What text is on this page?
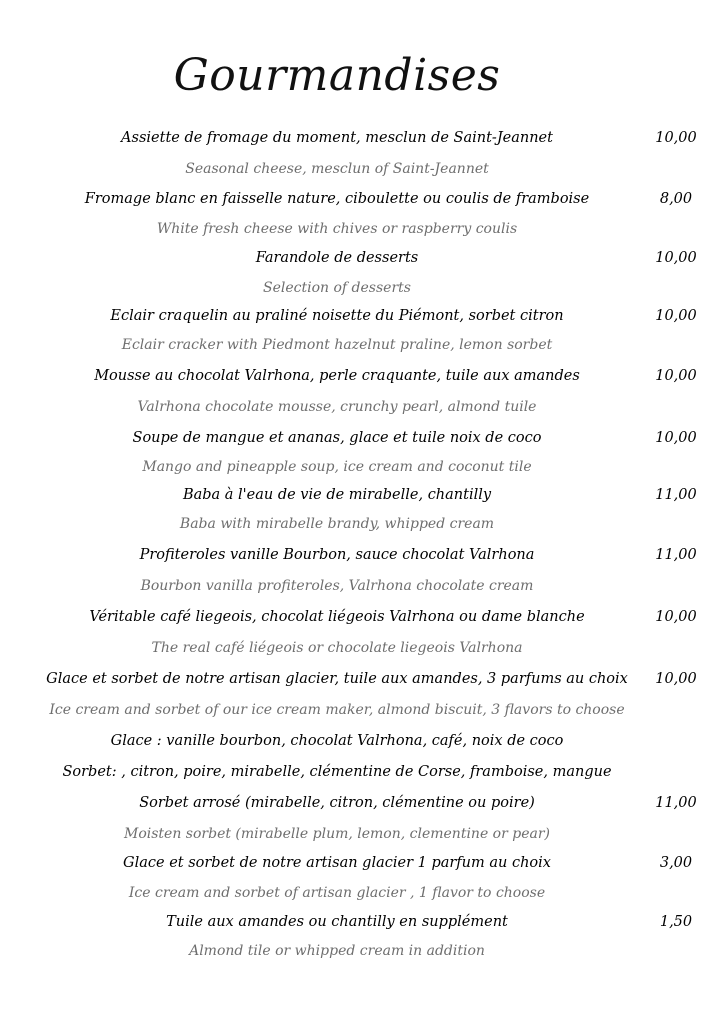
Gourmandises
Assiette de fromage du moment, mesclun de Saint-Jeannet	10,00
Seasonal cheese, mesclun of Saint-Jeannet
Fromage blanc en faisselle nature, ciboulette ou coulis de framboise	8,00
White fresh cheese with chives or raspberry coulis
Farandole de desserts	10,00
Selection of desserts
Eclair craquelin au praliné noisette du Piémont, sorbet citron	10,00
Eclair cracker with Piedmont hazelnut praline, lemon sorbet
Mousse au chocolat Valrhona, perle craquante, tuile aux amandes	10,00
Valrhona chocolate mousse, crunchy pearl, almond tuile
Soupe de mangue et ananas, glace et tuile noix de coco	10,00
Mango and pineapple soup, ice cream and coconut tile
Baba à l'eau de vie de mirabelle, chantilly	11,00
Baba with mirabelle brandy, whipped cream
Profiteroles vanille Bourbon, sauce chocolat Valrhona	11,00
Bourbon vanilla profiteroles, Valrhona chocolate cream
Véritable café liegeois, chocolat liégeois Valrhona ou dame blanche	10,00
The real café liégeois or chocolate liegeois Valrhona
Glace et sorbet de notre artisan glacier, tuile aux amandes, 3 parfums au choix	10,00
Ice cream and sorbet of our ice cream maker, almond biscuit, 3 flavors to choose
Glace : vanille bourbon, chocolat Valrhona, café, noix de coco
Sorbet: , citron, poire, mirabelle, clémentine de Corse, framboise, mangue
Sorbet arrosé (mirabelle, citron, clémentine ou poire)	11,00
Moisten sorbet (mirabelle plum, lemon, clementine or pear)
Glace et sorbet de notre artisan glacier 1 parfum au choix	3,00
Ice cream and sorbet of artisan glacier , 1 flavor to choose
Tuile aux amandes ou chantilly en supplément	1,50
Almond tile or whipped cream in addition
